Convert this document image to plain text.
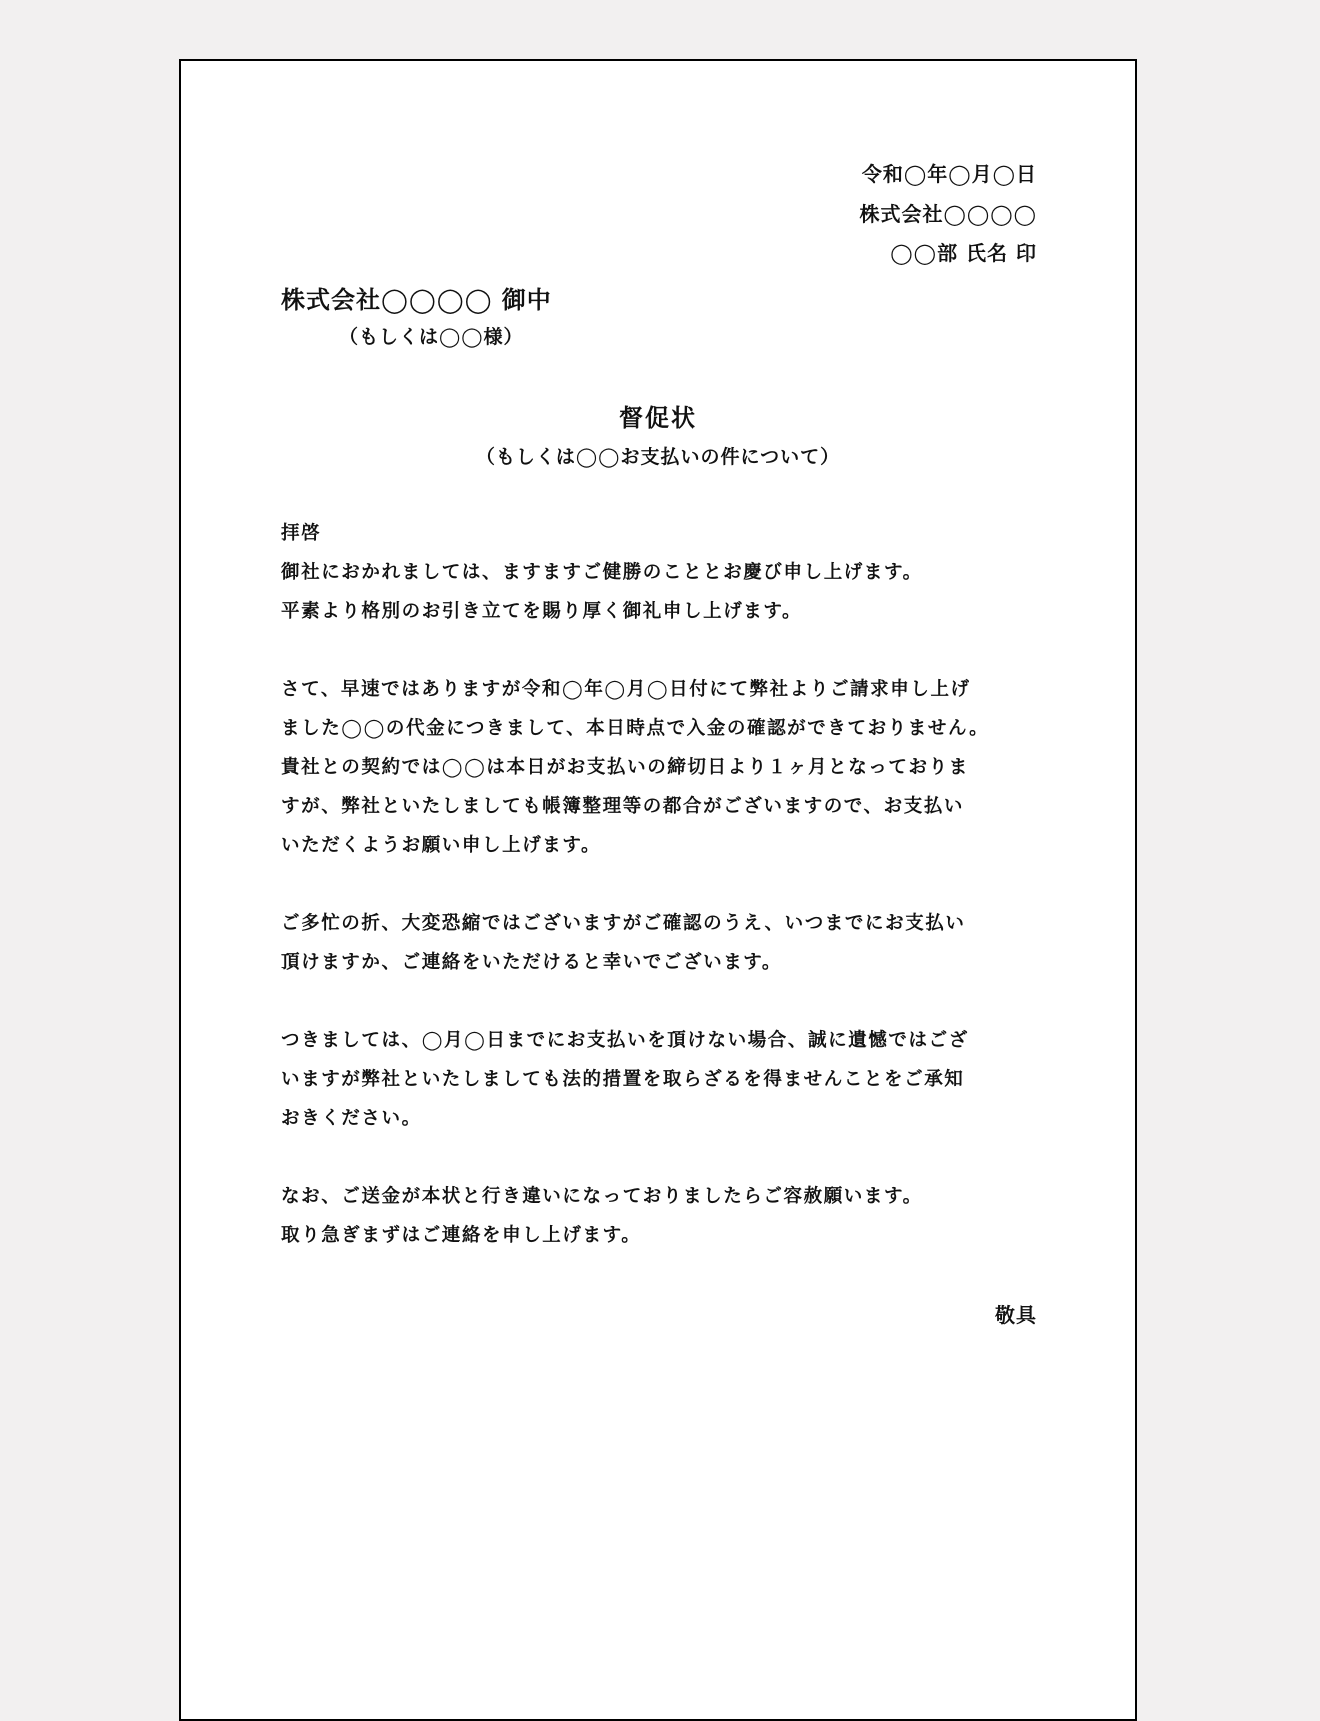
令和◯年◯月◯日
株式会社◯◯◯◯
◯◯部 氏名 印
株式会社◯◯◯◯ 御中
（もしくは◯◯様）
督促状
（もしくは◯◯お支払いの件について）
拝啓
御社におかれましては、ますますご健勝のこととお慶び申し上げます。
平素より格別のお引き立てを賜り厚く御礼申し上げます。
さて、早速ではありますが令和◯年◯月◯日付にて弊社よりご請求申し上げ
ました◯◯の代金につきまして、本日時点で入金の確認ができておりません。
貴社との契約では◯◯は本日がお支払いの締切日より１ヶ月となっておりま
すが、弊社といたしましても帳簿整理等の都合がございますので、お支払い
いただくようお願い申し上げます。
ご多忙の折、大変恐縮ではございますがご確認のうえ、いつまでにお支払い
頂けますか、ご連絡をいただけると幸いでございます。
つきましては、◯月◯日までにお支払いを頂けない場合、誠に遺憾ではござ
いますが弊社といたしましても法的措置を取らざるを得ませんことをご承知
おきください。
なお、ご送金が本状と行き違いになっておりましたらご容赦願います。
取り急ぎまずはご連絡を申し上げます。
敬具
